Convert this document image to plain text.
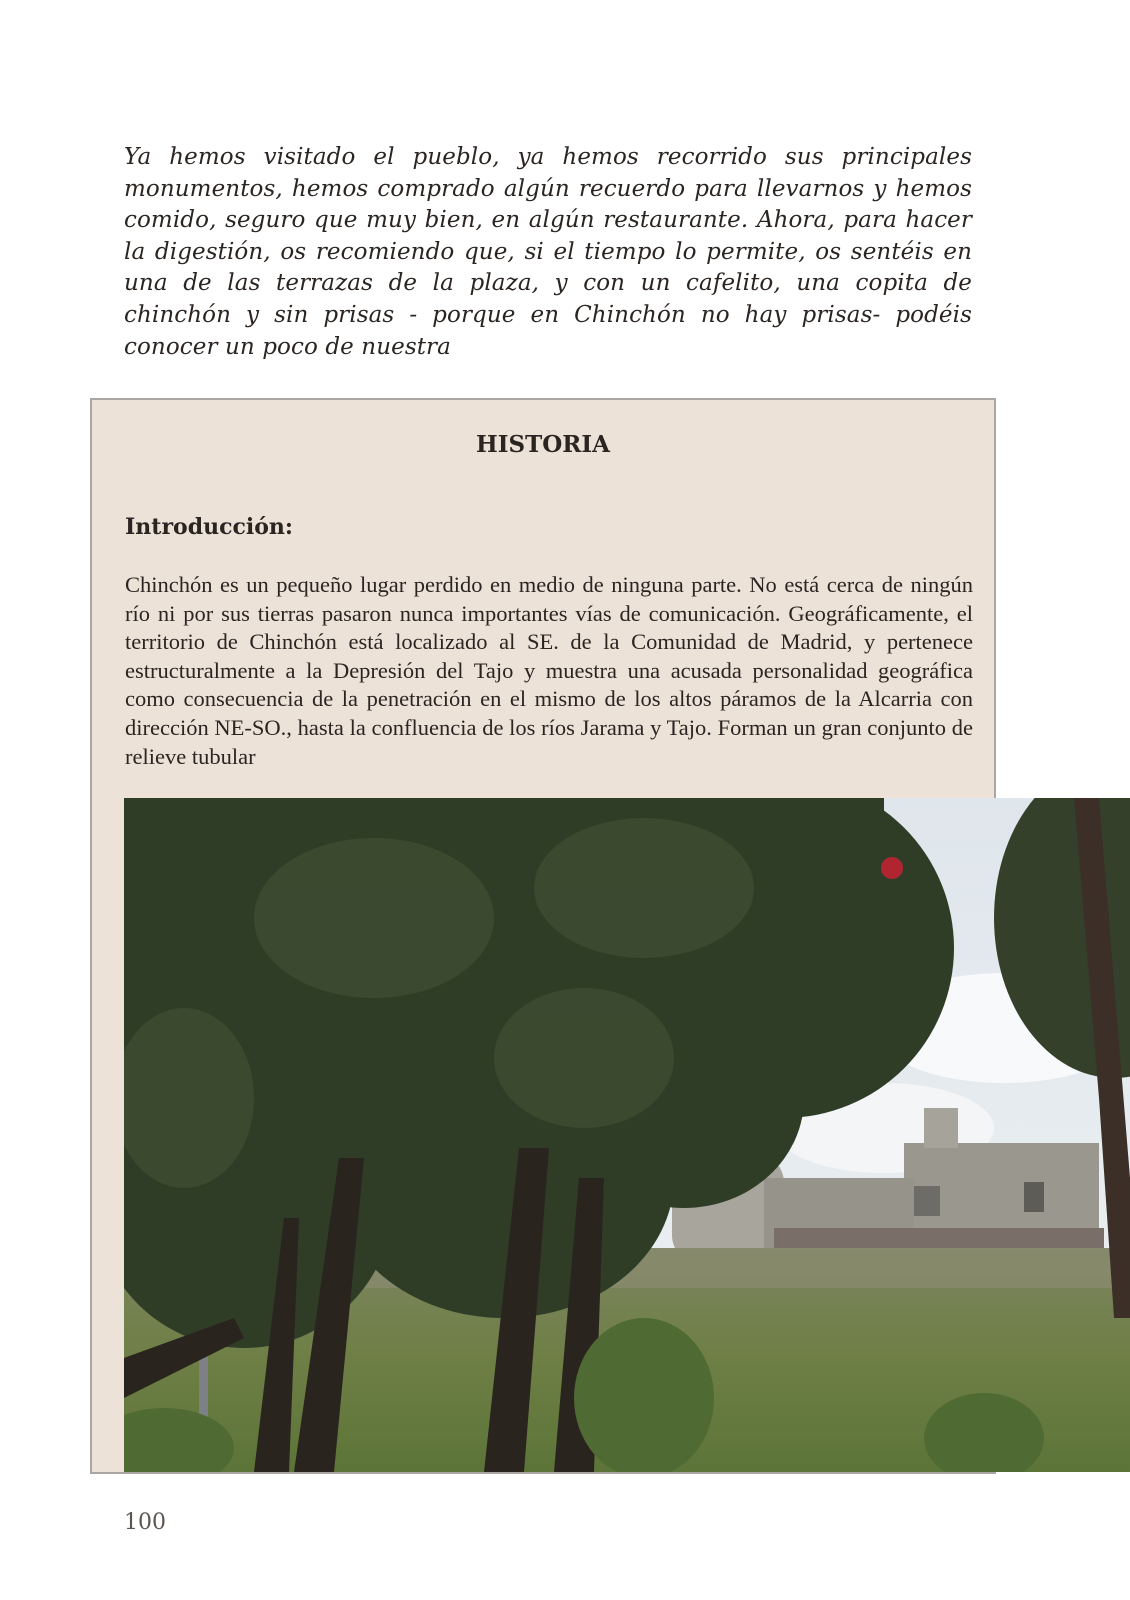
Ya hemos visitado el pueblo, ya hemos recorrido sus principales monumentos, hemos comprado algún recuerdo para llevarnos y hemos comido, seguro que muy bien, en algún restaurante. Ahora, para hacer la digestión, os recomiendo que, si el tiempo lo permite, os sentéis en una de las terrazas de la plaza, y con un cafelito, una copita de chinchón y sin prisas - porque en Chinchón no hay prisas- podéis conocer un poco de nuestra

HISTORIA
Introducción:

Chinchón es un pequeño lugar perdido en medio de ninguna parte. No está cerca de ningún río ni por sus tierras pasaron nunca importantes vías de comunicación. Geográficamente, el territorio de Chinchón está localizado al SE. de la Comunidad de Madrid, y pertenece estructuralmente a la Depresión del Tajo y muestra una acusada personalidad geográfica como consecuencia de la penetración en el mismo de los altos páramos de la Alcarria con dirección NE-SO., hasta la confluencia de los ríos Jarama y Tajo. Forman un gran conjunto de relieve tubular

100
